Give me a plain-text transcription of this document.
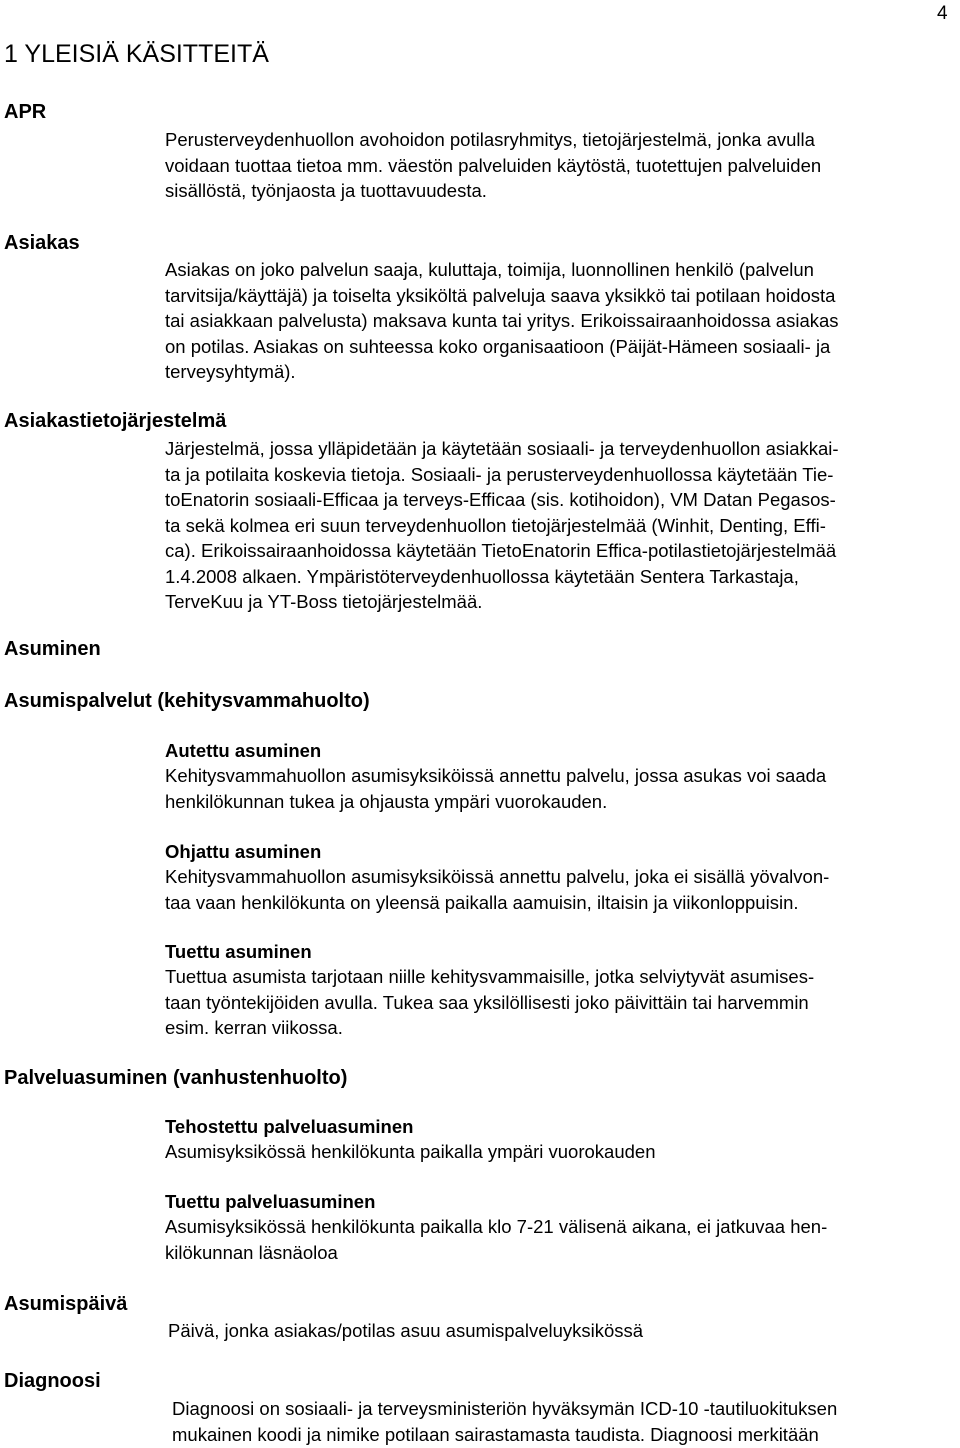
4
1 YLEISIÄ KÄSITTEITÄ
APR
Perusterveydenhuollon avohoidon potilasryhmitys, tietojärjestelmä, jonka avulla
voidaan tuottaa tietoa mm. väestön palveluiden käytöstä, tuotettujen palveluiden
sisällöstä, työnjaosta ja tuottavuudesta.
Asiakas
Asiakas on joko palvelun saaja, kuluttaja, toimija, luonnollinen henkilö (palvelun
tarvitsija/käyttäjä) ja toiselta yksiköltä palveluja saava yksikkö tai potilaan hoidosta
tai asiakkaan palvelusta) maksava kunta tai yritys. Erikoissairaanhoidossa asiakas
on potilas. Asiakas on suhteessa koko organisaatioon (Päijät-Hämeen sosiaali- ja
terveysyhtymä).
Asiakastietojärjestelmä
Järjestelmä, jossa ylläpidetään ja käytetään sosiaali- ja terveydenhuollon asiakkai-
ta ja potilaita koskevia tietoja. Sosiaali- ja perusterveydenhuollossa käytetään Tie-
toEnatorin sosiaali-Efficaa ja terveys-Efficaa (sis. kotihoidon), VM Datan Pegasos-
ta sekä kolmea eri suun terveydenhuollon tietojärjestelmää (Winhit, Denting, Effi-
ca). Erikoissairaanhoidossa käytetään TietoEnatorin Effica-potilastietojärjestelmää
1.4.2008 alkaen. Ympäristöterveydenhuollossa käytetään Sentera Tarkastaja,
TerveKuu ja YT-Boss tietojärjestelmää.
Asuminen
Asumispalvelut (kehitysvammahuolto)
Autettu asuminen
Kehitysvammahuollon asumisyksiköissä annettu palvelu, jossa asukas voi saada
henkilökunnan tukea ja ohjausta ympäri vuorokauden.
Ohjattu asuminen
Kehitysvammahuollon asumisyksiköissä annettu palvelu, joka ei sisällä yövalvon-
taa vaan henkilökunta on yleensä paikalla aamuisin, iltaisin ja viikonloppuisin.
Tuettu asuminen
Tuettua asumista tarjotaan niille kehitysvammaisille, jotka selviytyvät asumises-
taan työntekijöiden avulla. Tukea saa yksilöllisesti joko päivittäin tai harvemmin
esim. kerran viikossa.
Palveluasuminen (vanhustenhuolto)
Tehostettu palveluasuminen
Asumisyksikössä henkilökunta paikalla ympäri vuorokauden
Tuettu palveluasuminen
Asumisyksikössä henkilökunta paikalla klo 7-21 välisenä aikana, ei jatkuvaa hen-
kilökunnan läsnäoloa
Asumispäivä
Päivä, jonka asiakas/potilas asuu asumispalveluyksikössä
Diagnoosi
Diagnoosi on sosiaali- ja terveysministeriön hyväksymän ICD-10 -tautiluokituksen
mukainen koodi ja nimike potilaan sairastamasta taudista. Diagnoosi merkitään
